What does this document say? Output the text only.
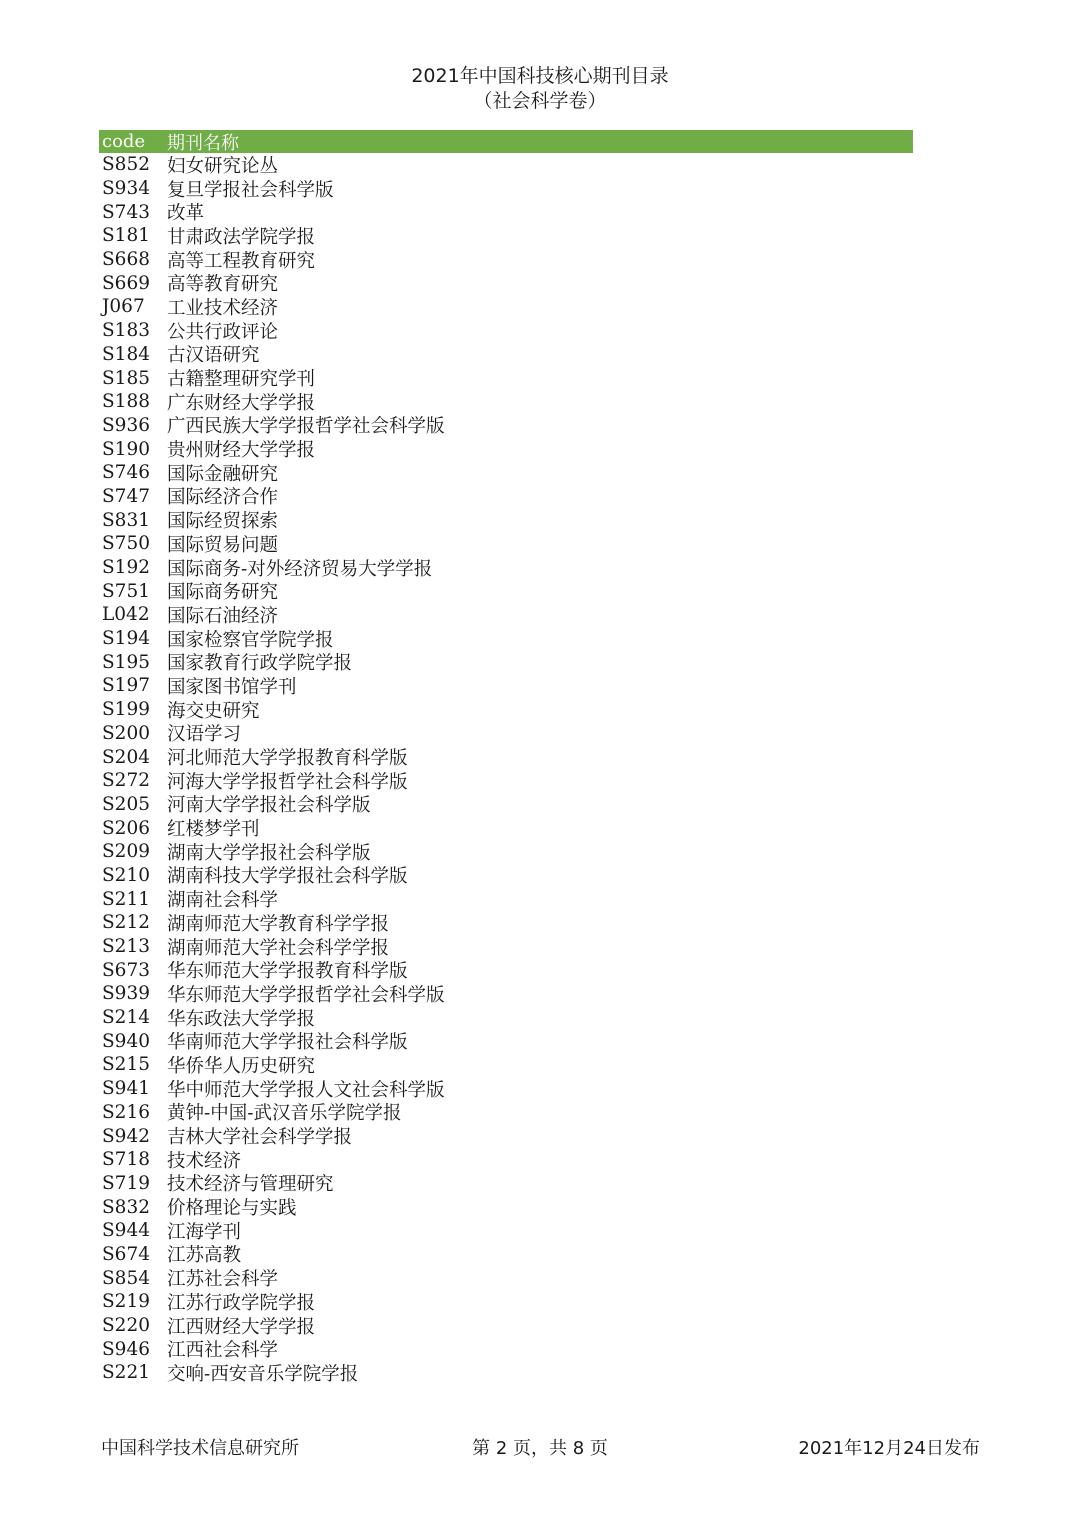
2021年中国科技核心期刊目录
（社会科学卷）
code	期刊名称
S852 妇女研究论丛
S934 复旦学报社会科学版
S743 改革
S181 甘肃政法学院学报
S668 高等工程教育研究
S669 高等教育研究
J067	工业技术经济
S183 公共行政评论
S184 古汉语研究
S185 古籍整理研究学刊
S188 广东财经大学学报
S936 广西民族大学学报哲学社会科学版
S190 贵州财经大学学报
S746 国际金融研究
S747 国际经济合作
S831 国际经贸探索
S750 国际贸易问题
S192 国际商务-对外经济贸易大学学报
S751 国际商务研究
L042 国际石油经济
S194 国家检察官学院学报
S195 国家教育行政学院学报
S197 国家图书馆学刊
S199 海交史研究
S200 汉语学习
S204 河北师范大学学报教育科学版
S272 河海大学学报哲学社会科学版
S205 河南大学学报社会科学版
S206 红楼梦学刊
S209 湖南大学学报社会科学版
S210 湖南科技大学学报社会科学版
S211 湖南社会科学
S212 湖南师范大学教育科学学报
S213 湖南师范大学社会科学学报
S673 华东师范大学学报教育科学版
S939 华东师范大学学报哲学社会科学版
S214 华东政法大学学报
S940 华南师范大学学报社会科学版
S215 华侨华人历史研究
S941 华中师范大学学报人文社会科学版
S216 黄钟-中国-武汉音乐学院学报
S942 吉林大学社会科学学报
S718 技术经济
S719 技术经济与管理研究
S832 价格理论与实践
S944 江海学刊
S674 江苏高教
S854 江苏社会科学
S219 江苏行政学院学报
S220 江西财经大学学报
S946 江西社会科学
S221 交响-西安音乐学院学报
中国科学技术信息研究所	第 2 页，共 8 页	2021年12月24日发布
